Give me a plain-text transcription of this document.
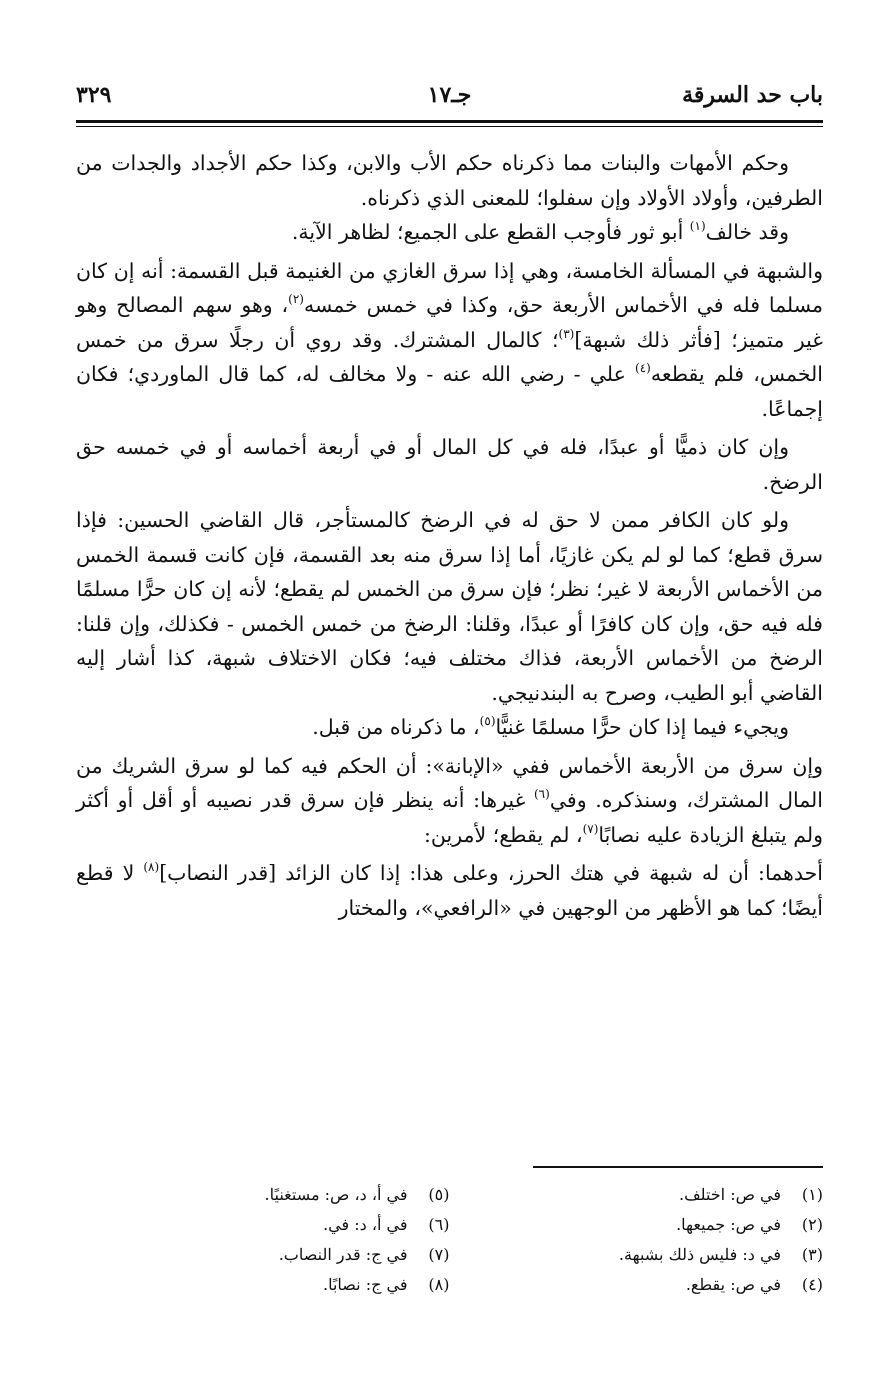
باب حد السرقة
جـ١٧
٣٢٩

وحكم الأمهات والبنات مما ذكرناه حكم الأب والابن، وكذا حكم الأجداد والجدات من الطرفين، وأولاد الأولاد وإن سفلوا؛ للمعنى الذي ذكرناه.

وقد خالف$^{(١)}$ أبو ثور فأوجب القطع على الجميع؛ لظاهر الآية.

والشبهة في المسألة الخامسة، وهي إذا سرق الغازي من الغنيمة قبل القسمة: أنه إن كان مسلما فله في الأخماس الأربعة حق، وكذا في خمس خمسه$^{(٢)}$، وهو سهم المصالح وهو غير متميز؛ [فأثر ذلك شبهة]$^{(٣)}$؛ كالمال المشترك. وقد روي أن رجلًا سرق من خمس الخمس، فلم يقطعه$^{(٤)}$ علي - رضي الله عنه - ولا مخالف له، كما قال الماوردي؛ فكان إجماعًا.

وإن كان ذميًّا أو عبدًا، فله في كل المال أو في أربعة أخماسه أو في خمسه حق الرضخ.

ولو كان الكافر ممن لا حق له في الرضخ كالمستأجر، قال القاضي الحسين: فإذا سرق قطع؛ كما لو لم يكن غازيًا، أما إذا سرق منه بعد القسمة، فإن كانت قسمة الخمس من الأخماس الأربعة لا غير؛ نظر؛ فإن سرق من الخمس لم يقطع؛ لأنه إن كان حرًّا مسلمًا فله فيه حق، وإن كان كافرًا أو عبدًا، وقلنا: الرضخ من خمس الخمس - فكذلك، وإن قلنا: الرضخ من الأخماس الأربعة، فذاك مختلف فيه؛ فكان الاختلاف شبهة، كذا أشار إليه القاضي أبو الطيب، وصرح به البندنيجي.

ويجيء فيما إذا كان حرًّا مسلمًا غنيًّا$^{(٥)}$، ما ذكرناه من قبل.

وإن سرق من الأربعة الأخماس ففي «الإبانة»: أن الحكم فيه كما لو سرق الشريك من المال المشترك، وسنذكره. وفي$^{(٦)}$ غيرها: أنه ينظر فإن سرق قدر نصيبه أو أقل أو أكثر ولم يتبلغ الزيادة عليه نصابًا$^{(٧)}$، لم يقطع؛ لأمرين:

أحدهما: أن له شبهة في هتك الحرز، وعلى هذا: إذا كان الزائد [قدر النصاب]$^{(٨)}$ لا قطع أيضًا؛ كما هو الأظهر من الوجهين في «الرافعي»، والمختار

(١)في ص: اختلف.
(٢)في ص: جميعها.
(٣)في د: فليس ذلك بشبهة.
(٤)في ص: يقطع.
(٥)في أ، د، ص: مستغنيًا.
(٦)في أ، د: في.
(٧)في ج: قدر النصاب.
(٨)في ج: نصابًا.
